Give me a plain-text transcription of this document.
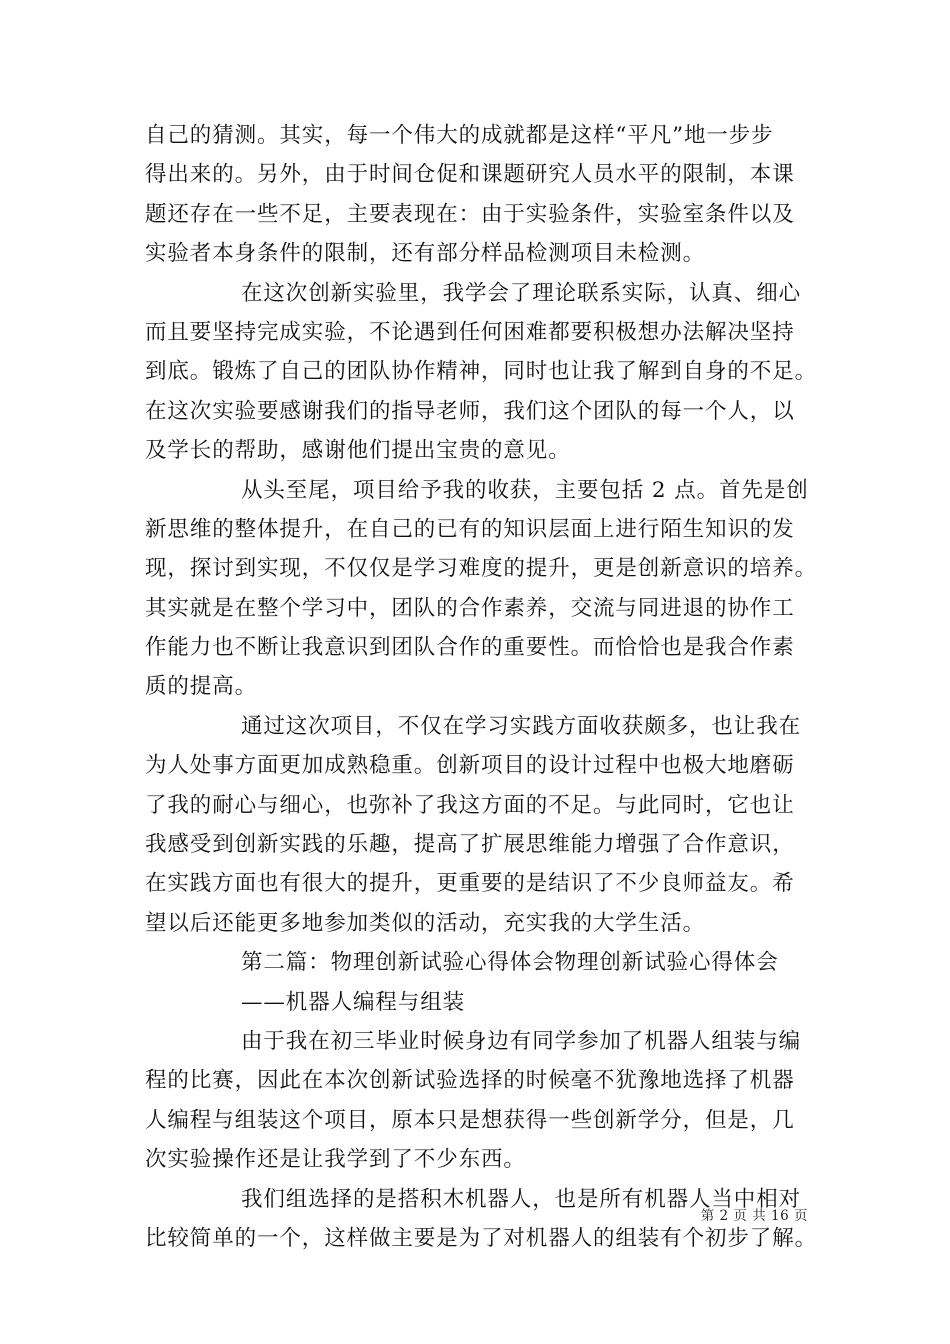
自己的猜测。其实，每一个伟大的成就都是这样“平凡”地一步步
得出来的。另外，由于时间仓促和课题研究人员水平的限制，本课
题还存在一些不足，主要表现在：由于实验条件，实验室条件以及
实验者本身条件的限制，还有部分样品检测项目未检测。
在这次创新实验里，我学会了理论联系实际，认真、细心
而且要坚持完成实验，不论遇到任何困难都要积极想办法解决坚持
到底。锻炼了自己的团队协作精神，同时也让我了解到自身的不足。
在这次实验要感谢我们的指导老师，我们这个团队的每一个人，以
及学长的帮助，感谢他们提出宝贵的意见。
从头至尾，项目给予我的收获，主要包括 2 点。首先是创
新思维的整体提升，在自己的已有的知识层面上进行陌生知识的发
现，探讨到实现，不仅仅是学习难度的提升，更是创新意识的培养。
其实就是在整个学习中，团队的合作素养，交流与同进退的协作工
作能力也不断让我意识到团队合作的重要性。而恰恰也是我合作素
质的提高。
通过这次项目，不仅在学习实践方面收获颇多，也让我在
为人处事方面更加成熟稳重。创新项目的设计过程中也极大地磨砺
了我的耐心与细心，也弥补了我这方面的不足。与此同时，它也让
我感受到创新实践的乐趣，提高了扩展思维能力增强了合作意识，
在实践方面也有很大的提升，更重要的是结识了不少良师益友。希
望以后还能更多地参加类似的活动，充实我的大学生活。
第二篇：物理创新试验心得体会物理创新试验心得体会
——机器人编程与组装
由于我在初三毕业时候身边有同学参加了机器人组装与编
程的比赛，因此在本次创新试验选择的时候毫不犹豫地选择了机器
人编程与组装这个项目，原本只是想获得一些创新学分，但是，几
次实验操作还是让我学到了不少东西。
我们组选择的是搭积木机器人，也是所有机器人当中相对
比较简单的一个，这样做主要是为了对机器人的组装有个初步了解。
第 2 页 共 16 页
